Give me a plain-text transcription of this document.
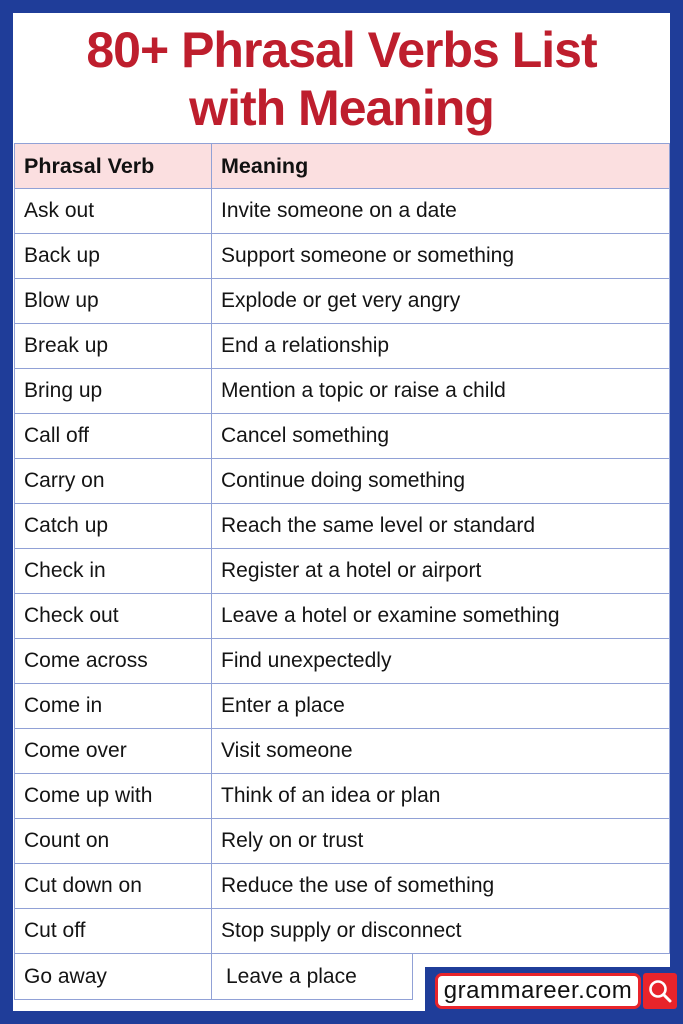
80+ Phrasal Verbs List
with Meaning
Phrasal Verb	Meaning
Ask out	Invite someone on a date
Back up	Support someone or something
Blow up	Explode or get very angry
Break up	End a relationship
Bring up	Mention a topic or raise a child
Call off	Cancel something
Carry on	Continue doing something
Catch up	Reach the same level or standard
Check in	Register at a hotel or airport
Check out	Leave a hotel or examine something
Come across	Find unexpectedly
Come in	Enter a place
Come over	Visit someone
Come up with	Think of an idea or plan
Count on	Rely on or trust
Cut down on	Reduce the use of something
Cut off	Stop supply or disconnect
Go away	Leave a place
grammareer.com
